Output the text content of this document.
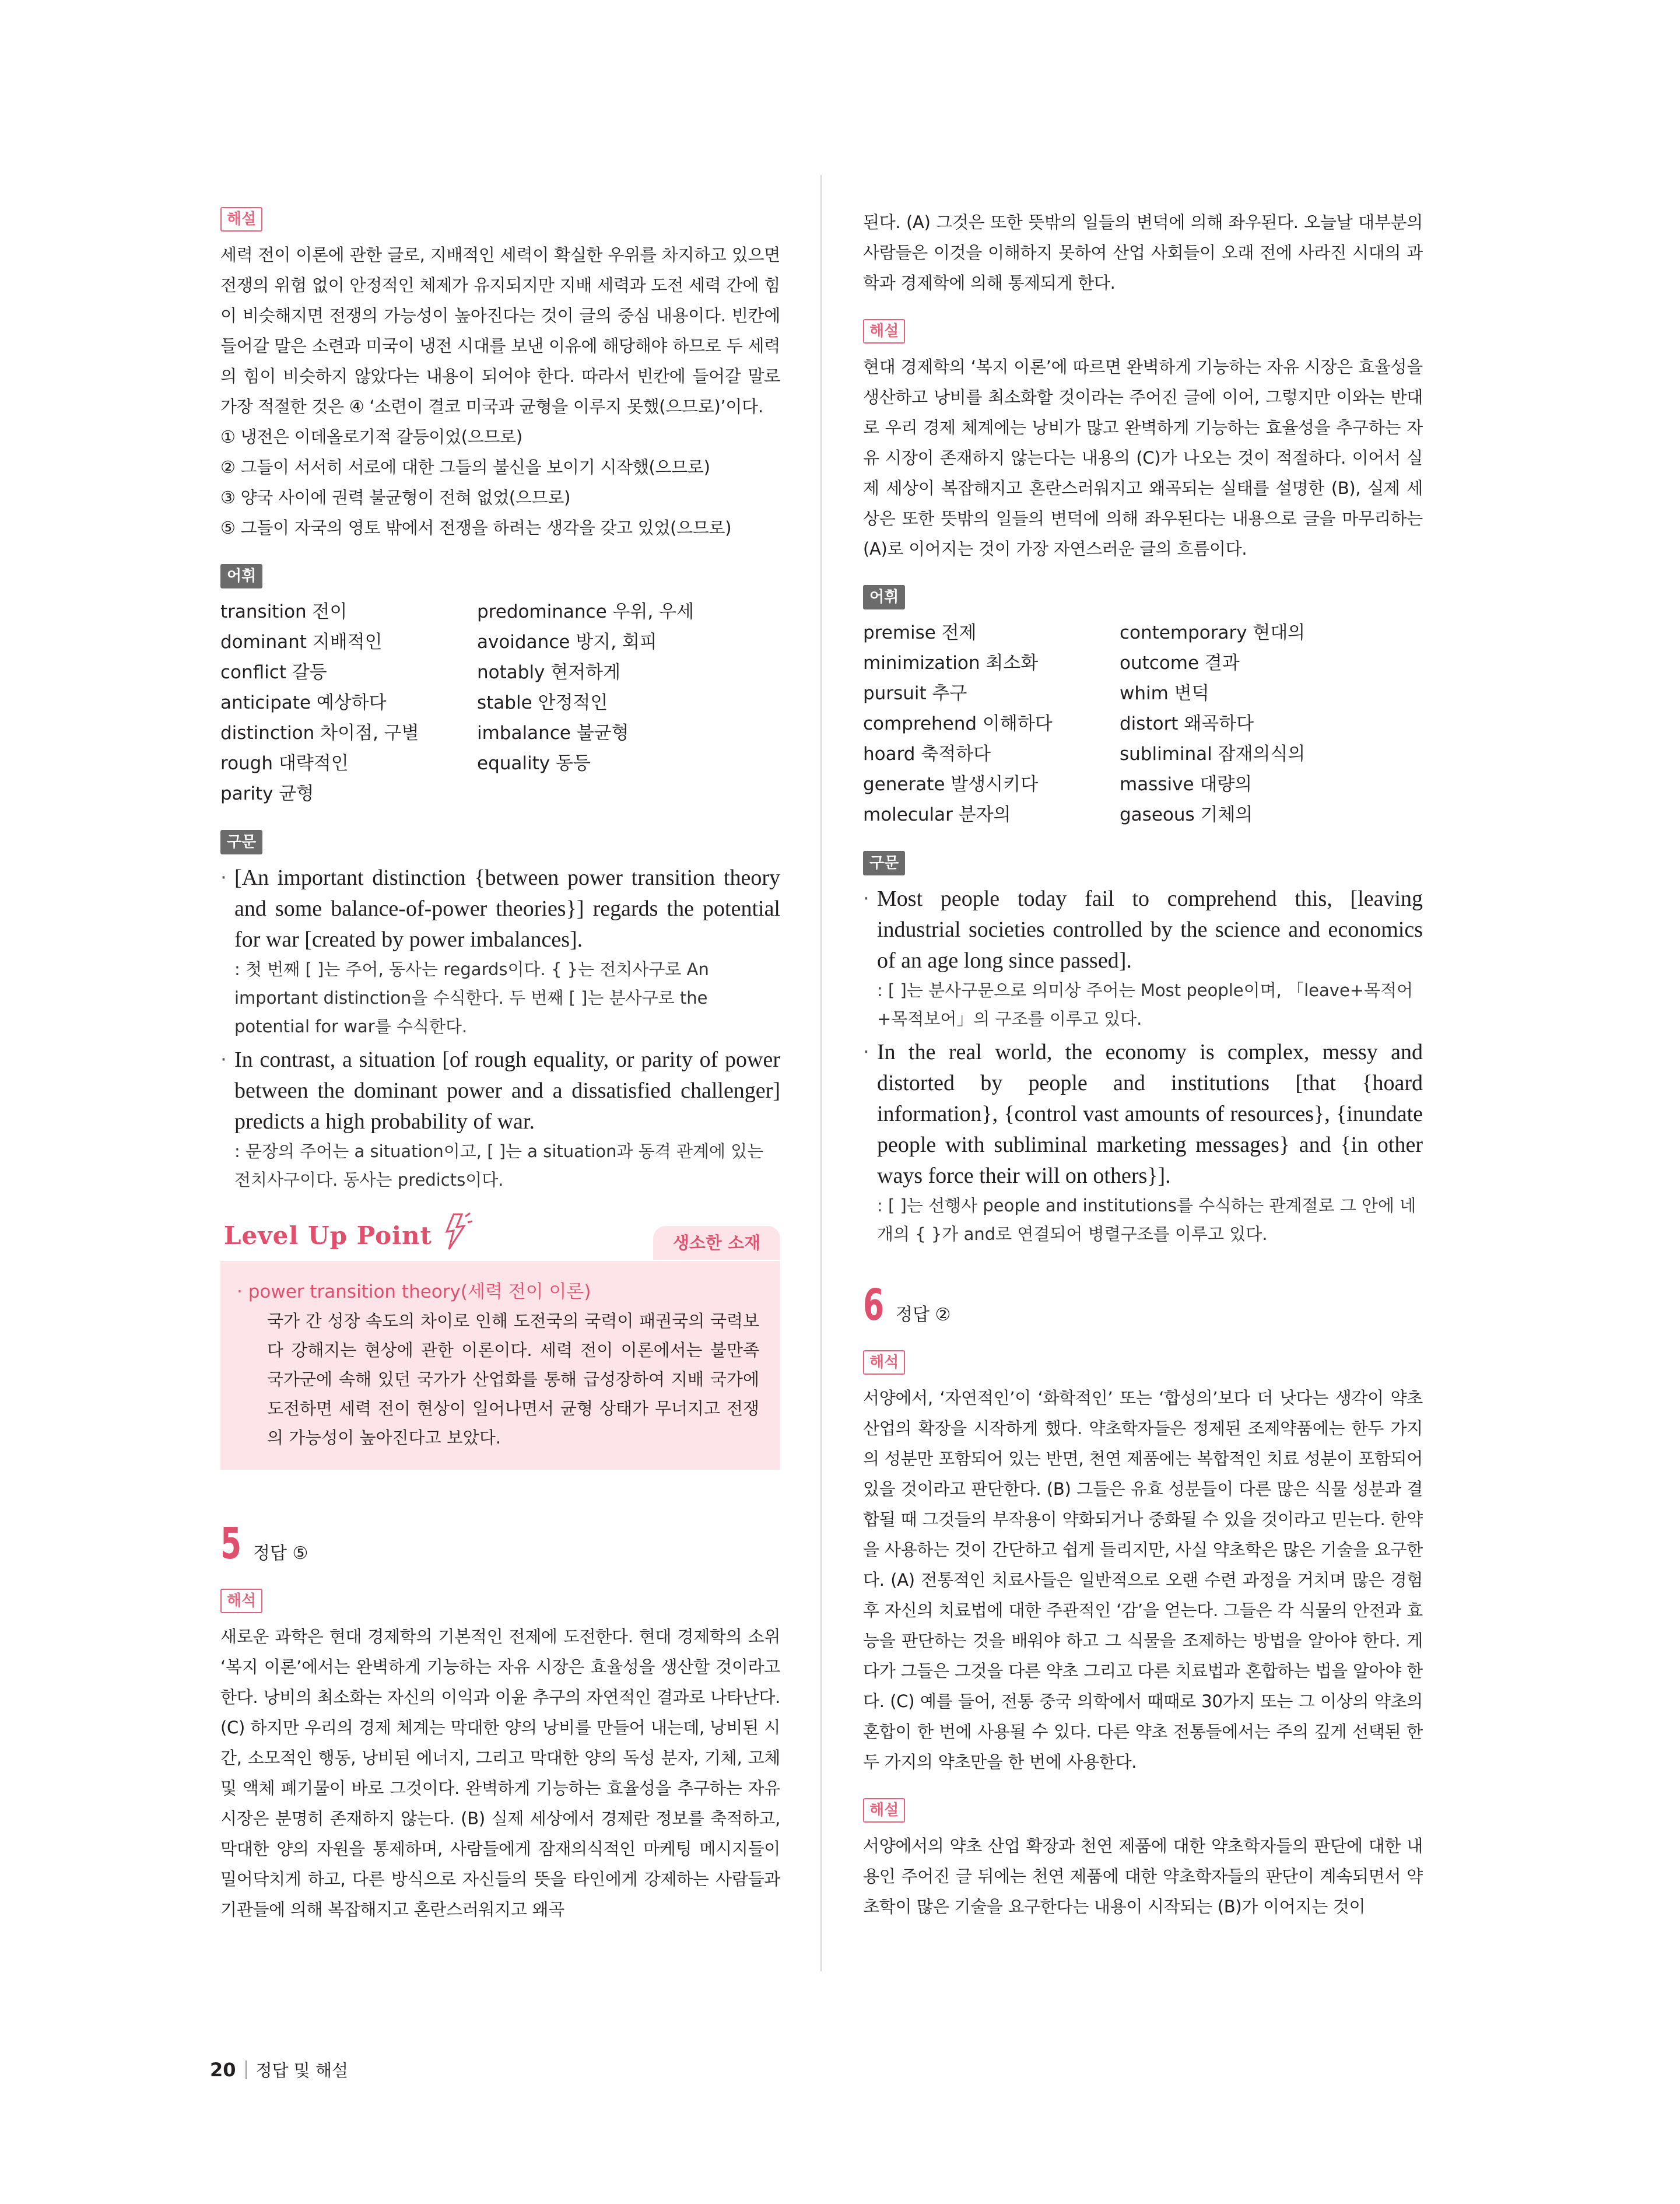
해설

세력 전이 이론에 관한 글로, 지배적인 세력이 확실한 우위를 차지하고 있으면 전쟁의 위험 없이 안정적인 체제가 유지되지만 지배 세력과 도전 세력 간에 힘이 비슷해지면 전쟁의 가능성이 높아진다는 것이 글의 중심 내용이다. 빈칸에 들어갈 말은 소련과 미국이 냉전 시대를 보낸 이유에 해당해야 하므로 두 세력의 힘이 비슷하지 않았다는 내용이 되어야 한다. 따라서 빈칸에 들어갈 말로 가장 적절한 것은 ④ ‘소련이 결코 미국과 균형을 이루지 못했(으므로)’이다.

① 냉전은 이데올로기적 갈등이었(으므로)

② 그들이 서서히 서로에 대한 그들의 불신을 보이기 시작했(으므로)

③ 양국 사이에 권력 불균형이 전혀 없었(으므로)

⑤ 그들이 자국의 영토 밖에서 전쟁을 하려는 생각을 갖고 있었(으므로)

어휘
transition 전이	predominance 우위, 우세
dominant 지배적인	avoidance 방지, 회피
conflict 갈등	notably 현저하게
anticipate 예상하다	stable 안정적인
distinction 차이점, 구별	imbalance 불균형
rough 대략적인	equality 동등
parity 균형
구문
· [An important distinction {between power transition theory and some balance-of-power theories}] regards the potential for war [created by power imbalances].

: 첫 번째 [ ]는 주어, 동사는 regards이다. { }는 전치사구로 An important distinction을 수식한다. 두 번째 [ ]는 분사구로 the potential for war를 수식한다.

· In contrast, a situation [of rough equality, or parity of power between the dominant power and a dissatisfied challenger] predicts a high probability of war.

: 문장의 주어는 a situation이고, [ ]는 a situation과 동격 관계에 있는 전치사구이다. 동사는 predicts이다.

Level Up Point	생소한 소재

· power transition theory(세력 전이 이론)

국가 간 성장 속도의 차이로 인해 도전국의 국력이 패권국의 국력보다 강해지는 현상에 관한 이론이다. 세력 전이 이론에서는 불만족 국가군에 속해 있던 국가가 산업화를 통해 급성장하여 지배 국가에 도전하면 세력 전이 현상이 일어나면서 균형 상태가 무너지고 전쟁의 가능성이 높아진다고 보았다.

5 정답 ⑤
해석

새로운 과학은 현대 경제학의 기본적인 전제에 도전한다. 현대 경제학의 소위 ‘복지 이론’에서는 완벽하게 기능하는 자유 시장은 효율성을 생산할 것이라고 한다. 낭비의 최소화는 자신의 이익과 이윤 추구의 자연적인 결과로 나타난다. (C) 하지만 우리의 경제 체계는 막대한 양의 낭비를 만들어 내는데, 낭비된 시간, 소모적인 행동, 낭비된 에너지, 그리고 막대한 양의 독성 분자, 기체, 고체 및 액체 폐기물이 바로 그것이다. 완벽하게 기능하는 효율성을 추구하는 자유 시장은 분명히 존재하지 않는다. (B) 실제 세상에서 경제란 정보를 축적하고, 막대한 양의 자원을 통제하며, 사람들에게 잠재의식적인 마케팅 메시지들이 밀어닥치게 하고, 다른 방식으로 자신들의 뜻을 타인에게 강제하는 사람들과 기관들에 의해 복잡해지고 혼란스러워지고 왜곡

된다. (A) 그것은 또한 뜻밖의 일들의 변덕에 의해 좌우된다. 오늘날 대부분의 사람들은 이것을 이해하지 못하여 산업 사회들이 오래 전에 사라진 시대의 과학과 경제학에 의해 통제되게 한다.

해설

현대 경제학의 ‘복지 이론’에 따르면 완벽하게 기능하는 자유 시장은 효율성을 생산하고 낭비를 최소화할 것이라는 주어진 글에 이어, 그렇지만 이와는 반대로 우리 경제 체계에는 낭비가 많고 완벽하게 기능하는 효율성을 추구하는 자유 시장이 존재하지 않는다는 내용의 (C)가 나오는 것이 적절하다. 이어서 실제 세상이 복잡해지고 혼란스러워지고 왜곡되는 실태를 설명한 (B), 실제 세상은 또한 뜻밖의 일들의 변덕에 의해 좌우된다는 내용으로 글을 마무리하는 (A)로 이어지는 것이 가장 자연스러운 글의 흐름이다.

어휘
premise 전제	contemporary 현대의
minimization 최소화	outcome 결과
pursuit 추구	whim 변덕
comprehend 이해하다	distort 왜곡하다
hoard 축적하다	subliminal 잠재의식의
generate 발생시키다	massive 대량의
molecular 분자의	gaseous 기체의
구문
· Most people today fail to comprehend this, [leaving industrial societies controlled by the science and economics of an age long since passed].

: [ ]는 분사구문으로 의미상 주어는 Most people이며, 「leave+목적어+목적보어」의 구조를 이루고 있다.

· In the real world, the economy is complex, messy and distorted by people and institutions [that {hoard information}, {control vast amounts of resources}, {inundate people with subliminal marketing messages} and {in other ways force their will on others}].

: [ ]는 선행사 people and institutions를 수식하는 관계절로 그 안에 네 개의 { }가 and로 연결되어 병렬구조를 이루고 있다.

6 정답 ②
해석

서양에서, ‘자연적인’이 ‘화학적인’ 또는 ‘합성의’보다 더 낫다는 생각이 약초 산업의 확장을 시작하게 했다. 약초학자들은 정제된 조제약품에는 한두 가지의 성분만 포함되어 있는 반면, 천연 제품에는 복합적인 치료 성분이 포함되어 있을 것이라고 판단한다. (B) 그들은 유효 성분들이 다른 많은 식물 성분과 결합될 때 그것들의 부작용이 약화되거나 중화될 수 있을 것이라고 믿는다. 한약을 사용하는 것이 간단하고 쉽게 들리지만, 사실 약초학은 많은 기술을 요구한다. (A) 전통적인 치료사들은 일반적으로 오랜 수련 과정을 거치며 많은 경험 후 자신의 치료법에 대한 주관적인 ‘감’을 얻는다. 그들은 각 식물의 안전과 효능을 판단하는 것을 배워야 하고 그 식물을 조제하는 방법을 알아야 한다. 게다가 그들은 그것을 다른 약초 그리고 다른 치료법과 혼합하는 법을 알아야 한다. (C) 예를 들어, 전통 중국 의학에서 때때로 30가지 또는 그 이상의 약초의 혼합이 한 번에 사용될 수 있다. 다른 약초 전통들에서는 주의 깊게 선택된 한두 가지의 약초만을 한 번에 사용한다.

해설

서양에서의 약초 산업 확장과 천연 제품에 대한 약초학자들의 판단에 대한 내용인 주어진 글 뒤에는 천연 제품에 대한 약초학자들의 판단이 계속되면서 약초학이 많은 기술을 요구한다는 내용이 시작되는 (B)가 이어지는 것이

20 정답 및 해설
